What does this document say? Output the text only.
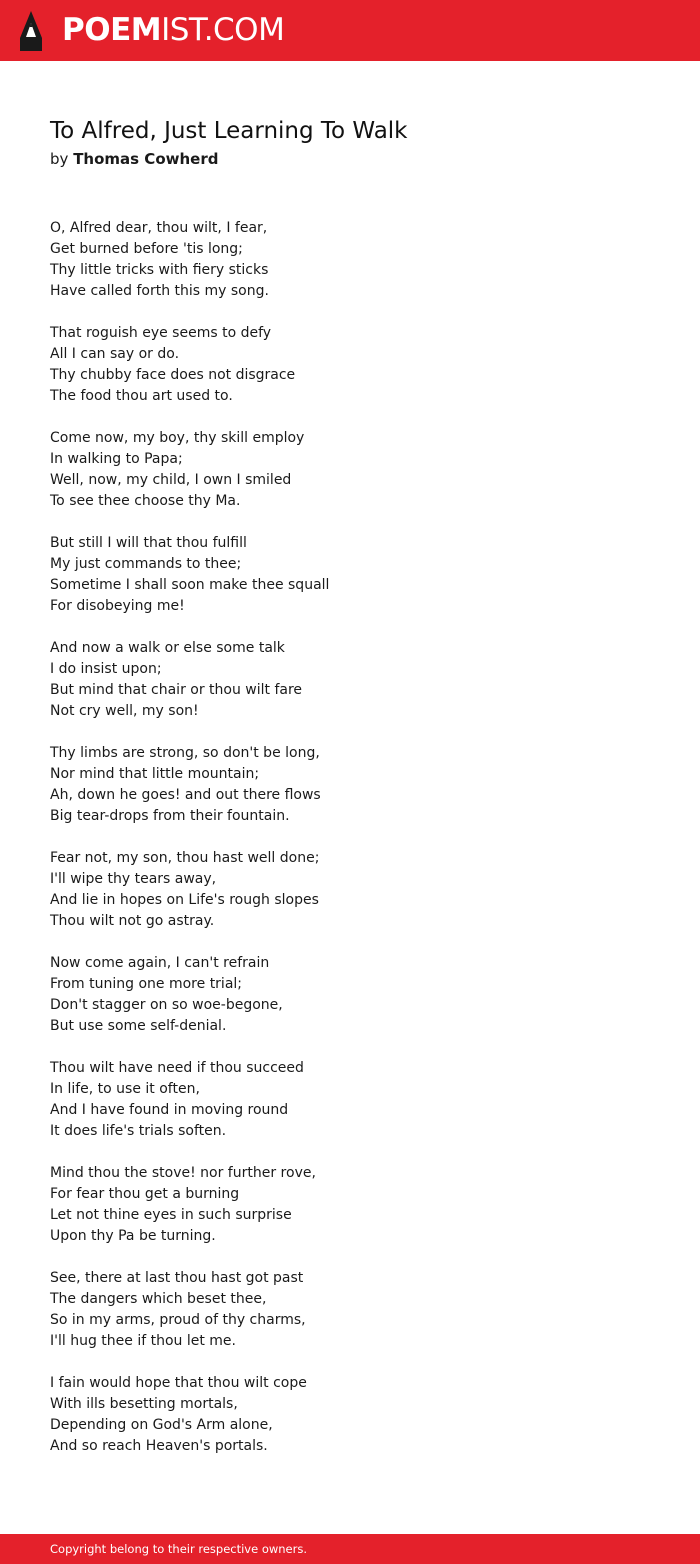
POEMIST.COM
To Alfred, Just Learning To Walk
by Thomas Cowherd
O, Alfred dear, thou wilt, I fear,
Get burned before 'tis long;
Thy little tricks with fiery sticks
Have called forth this my song.
That roguish eye seems to defy
All I can say or do.
Thy chubby face does not disgrace
The food thou art used to.
Come now, my boy, thy skill employ
In walking to Papa;
Well, now, my child, I own I smiled
To see thee choose thy Ma.
But still I will that thou fulfill
My just commands to thee;
Sometime I shall soon make thee squall
For disobeying me!
And now a walk or else some talk
I do insist upon;
But mind that chair or thou wilt fare
Not cry well, my son!
Thy limbs are strong, so don't be long,
Nor mind that little mountain;
Ah, down he goes! and out there flows
Big tear-drops from their fountain.
Fear not, my son, thou hast well done;
I'll wipe thy tears away,
And lie in hopes on Life's rough slopes
Thou wilt not go astray.
Now come again, I can't refrain
From tuning one more trial;
Don't stagger on so woe-begone,
But use some self-denial.
Thou wilt have need if thou succeed
In life, to use it often,
And I have found in moving round
It does life's trials soften.
Mind thou the stove! nor further rove,
For fear thou get a burning
Let not thine eyes in such surprise
Upon thy Pa be turning.
See, there at last thou hast got past
The dangers which beset thee,
So in my arms, proud of thy charms,
I'll hug thee if thou let me.
I fain would hope that thou wilt cope
With ills besetting mortals,
Depending on God's Arm alone,
And so reach Heaven's portals.
Copyright belong to their respective owners.
